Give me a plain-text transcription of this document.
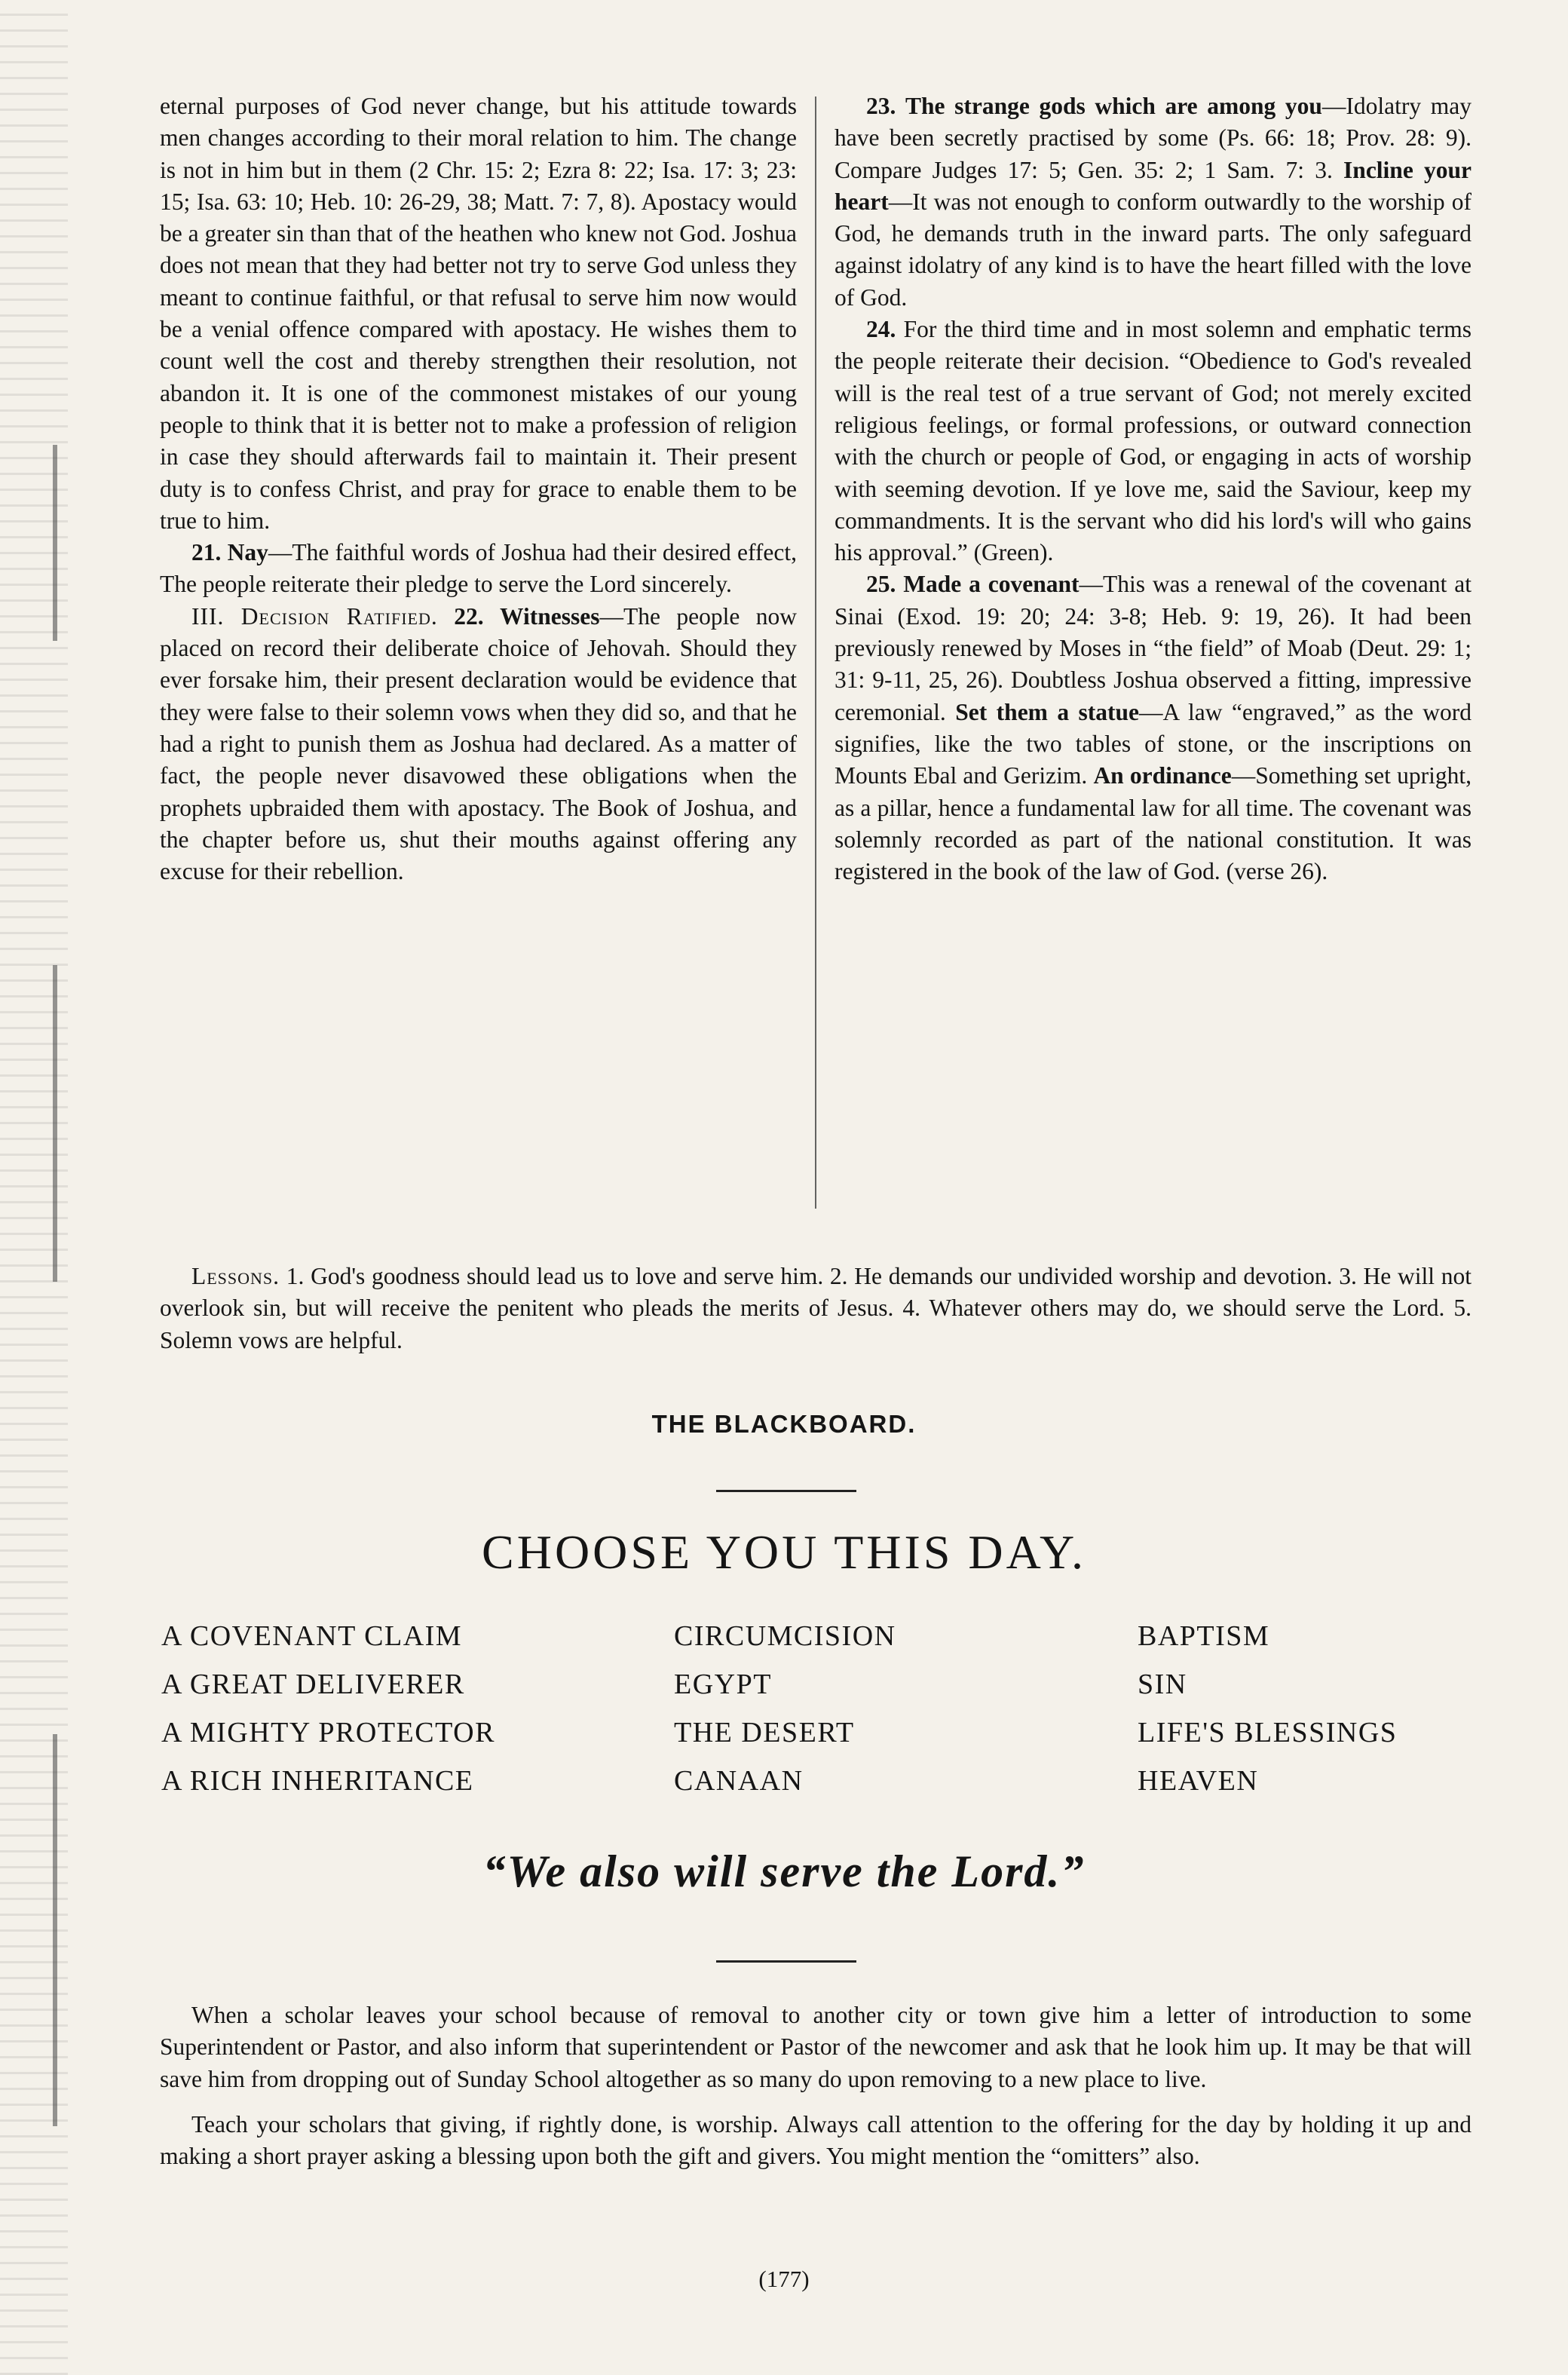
eternal purposes of God never change, but his attitude towards men changes according to their moral relation to him. The change is not in him but in them (2 Chr. 15: 2; Ezra 8: 22; Isa. 17: 3; 23: 15; Isa. 63: 10; Heb. 10: 26-29, 38; Matt. 7: 7, 8). Apostacy would be a greater sin than that of the heathen who knew not God. Joshua does not mean that they had better not try to serve God unless they meant to continue faithful, or that refusal to serve him now would be a venial offence compared with apostacy. He wishes them to count well the cost and thereby strengthen their resolution, not abandon it. It is one of the commonest mistakes of our young people to think that it is better not to make a profession of religion in case they should afterwards fail to maintain it. Their present duty is to confess Christ, and pray for grace to enable them to be true to him.

21. Nay—The faithful words of Joshua had their desired effect, The people reiterate their pledge to serve the Lord sincerely.

III. Decision Ratified. 22. Witnesses—The people now placed on record their deliberate choice of Jehovah. Should they ever forsake him, their present declaration would be evidence that they were false to their solemn vows when they did so, and that he had a right to punish them as Joshua had declared. As a matter of fact, the people never disavowed these obligations when the prophets upbraided them with apostacy. The Book of Joshua, and the chapter before us, shut their mouths against offering any excuse for their rebellion.

23. The strange gods which are among you—Idolatry may have been secretly practised by some (Ps. 66: 18; Prov. 28: 9). Compare Judges 17: 5; Gen. 35: 2; 1 Sam. 7: 3. Incline your heart—It was not enough to conform outwardly to the worship of God, he demands truth in the inward parts. The only safeguard against idolatry of any kind is to have the heart filled with the love of God.

24. For the third time and in most solemn and emphatic terms the people reiterate their decision. “Obedience to God's revealed will is the real test of a true servant of God; not merely excited religious feelings, or formal professions, or outward connection with the church or people of God, or engaging in acts of worship with seeming devotion. If ye love me, said the Saviour, keep my commandments. It is the servant who did his lord's will who gains his approval.” (Green).

25. Made a covenant—This was a renewal of the covenant at Sinai (Exod. 19: 20; 24: 3-8; Heb. 9: 19, 26). It had been previously renewed by Moses in “the field” of Moab (Deut. 29: 1; 31: 9-11, 25, 26). Doubtless Joshua observed a fitting, impressive ceremonial. Set them a statue—A law “engraved,” as the word signifies, like the two tables of stone, or the inscriptions on Mounts Ebal and Gerizim. An ordinance—Something set upright, as a pillar, hence a fundamental law for all time. The covenant was solemnly recorded as part of the national constitution. It was registered in the book of the law of God. (verse 26).

Lessons. 1. God's goodness should lead us to love and serve him. 2. He demands our undivided worship and devotion. 3. He will not overlook sin, but will receive the penitent who pleads the merits of Jesus. 4. Whatever others may do, we should serve the Lord. 5. Solemn vows are helpful.

THE BLACKBOARD.
CHOOSE YOU THIS DAY.
A COVENANT CLAIM	CIRCUMCISION	BAPTISM
A GREAT DELIVERER	EGYPT	SIN
A MIGHTY PROTECTOR	THE DESERT	LIFE'S BLESSINGS
A RICH INHERITANCE	CANAAN	HEAVEN
“We also will serve the Lord.”

When a scholar leaves your school because of removal to another city or town give him a letter of introduction to some Superintendent or Pastor, and also inform that superintendent or Pastor of the newcomer and ask that he look him up. It may be that will save him from dropping out of Sunday School altogether as so many do upon removing to a new place to live.

Teach your scholars that giving, if rightly done, is worship. Always call attention to the offering for the day by holding it up and making a short prayer asking a blessing upon both the gift and givers. You might mention the “omitters” also.

(177)
